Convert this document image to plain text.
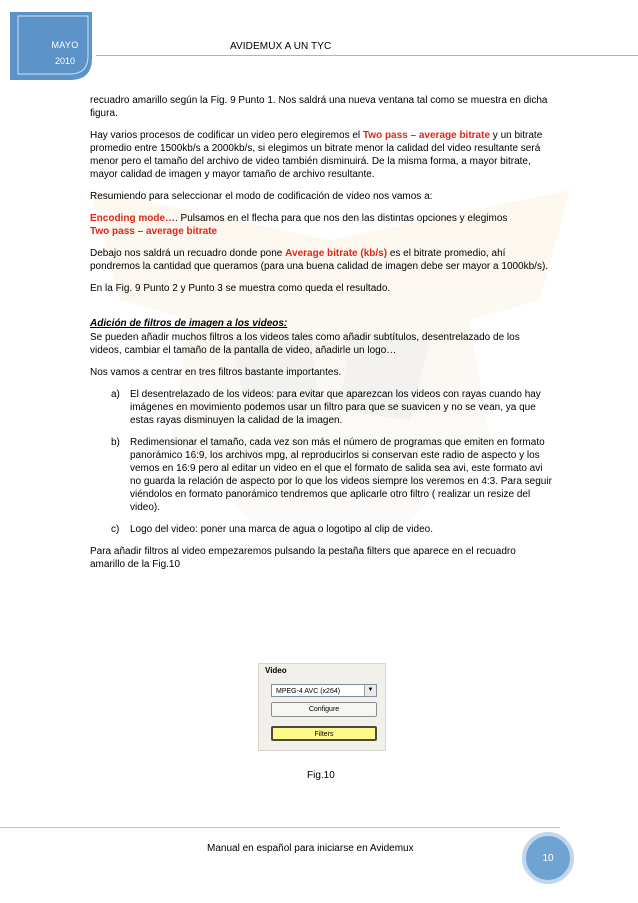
MAYO
2010
AVIDEMUX A UN TYC

recuadro amarillo según la Fig. 9 Punto 1. Nos saldrá una nueva ventana tal como se muestra en dicha figura.

Hay varios procesos de codificar un video pero elegiremos el Two pass – average bitrate y un bitrate promedio entre 1500kb/s a 2000kb/s, si elegimos un bitrate menor la calidad del video resultante será menor pero el tamaño del archivo de video también disminuirá. De la misma forma, a mayor bitrate, mayor calidad de imagen y mayor tamaño de archivo resultante.

Resumiendo para seleccionar el modo de codificación de video nos vamos a:

Encoding mode…. Pulsamos en el flecha para que nos den las distintas opciones y elegimos
Two pass – average bitrate

Debajo nos saldrá un recuadro donde pone Average bitrate (kb/s) es el bitrate promedio, ahí pondremos la cantidad que queramos (para una buena calidad de imagen debe ser mayor a 1000kb/s).

En la Fig. 9 Punto 2 y Punto 3 se muestra como queda el resultado.

Adición de filtros de imagen a los videos:

Se pueden añadir muchos filtros a los videos tales como añadir subtítulos, desentrelazado de los videos, cambiar el tamaño de la pantalla de video, añadirle un logo…

Nos vamos a centrar en tres filtros bastante importantes.

a) El desentrelazado de los videos: para evitar que aparezcan los videos con rayas cuando hay imágenes en movimiento podemos usar un filtro para que se suavicen y no se vean, ya que estas rayas disminuyen la calidad de la imagen.
b) Redimensionar el tamaño, cada vez son más el número de programas que emiten en formato panorámico 16:9, los archivos mpg, al reproducirlos si conservan este radio de aspecto y los vemos en 16:9 pero al editar un video en el que el formato de salida sea avi, este formato avi no guarda la relación de aspecto por lo que los videos siempre los veremos en 4:3. Para seguir viéndolos en formato panorámico tendremos que aplicarle otro filtro ( realizar un resize del video).
c) Logo del video: poner una marca de agua o logotipo al clip de video.

Para añadir filtros al video empezaremos pulsando la pestaña filters que aparece en el recuadro amarillo de la Fig.10

Video
MPEG-4 AVC (x264)	▼
Configure
Filters
Fig.10
Manual en español para iniciarse en Avidemux
10
